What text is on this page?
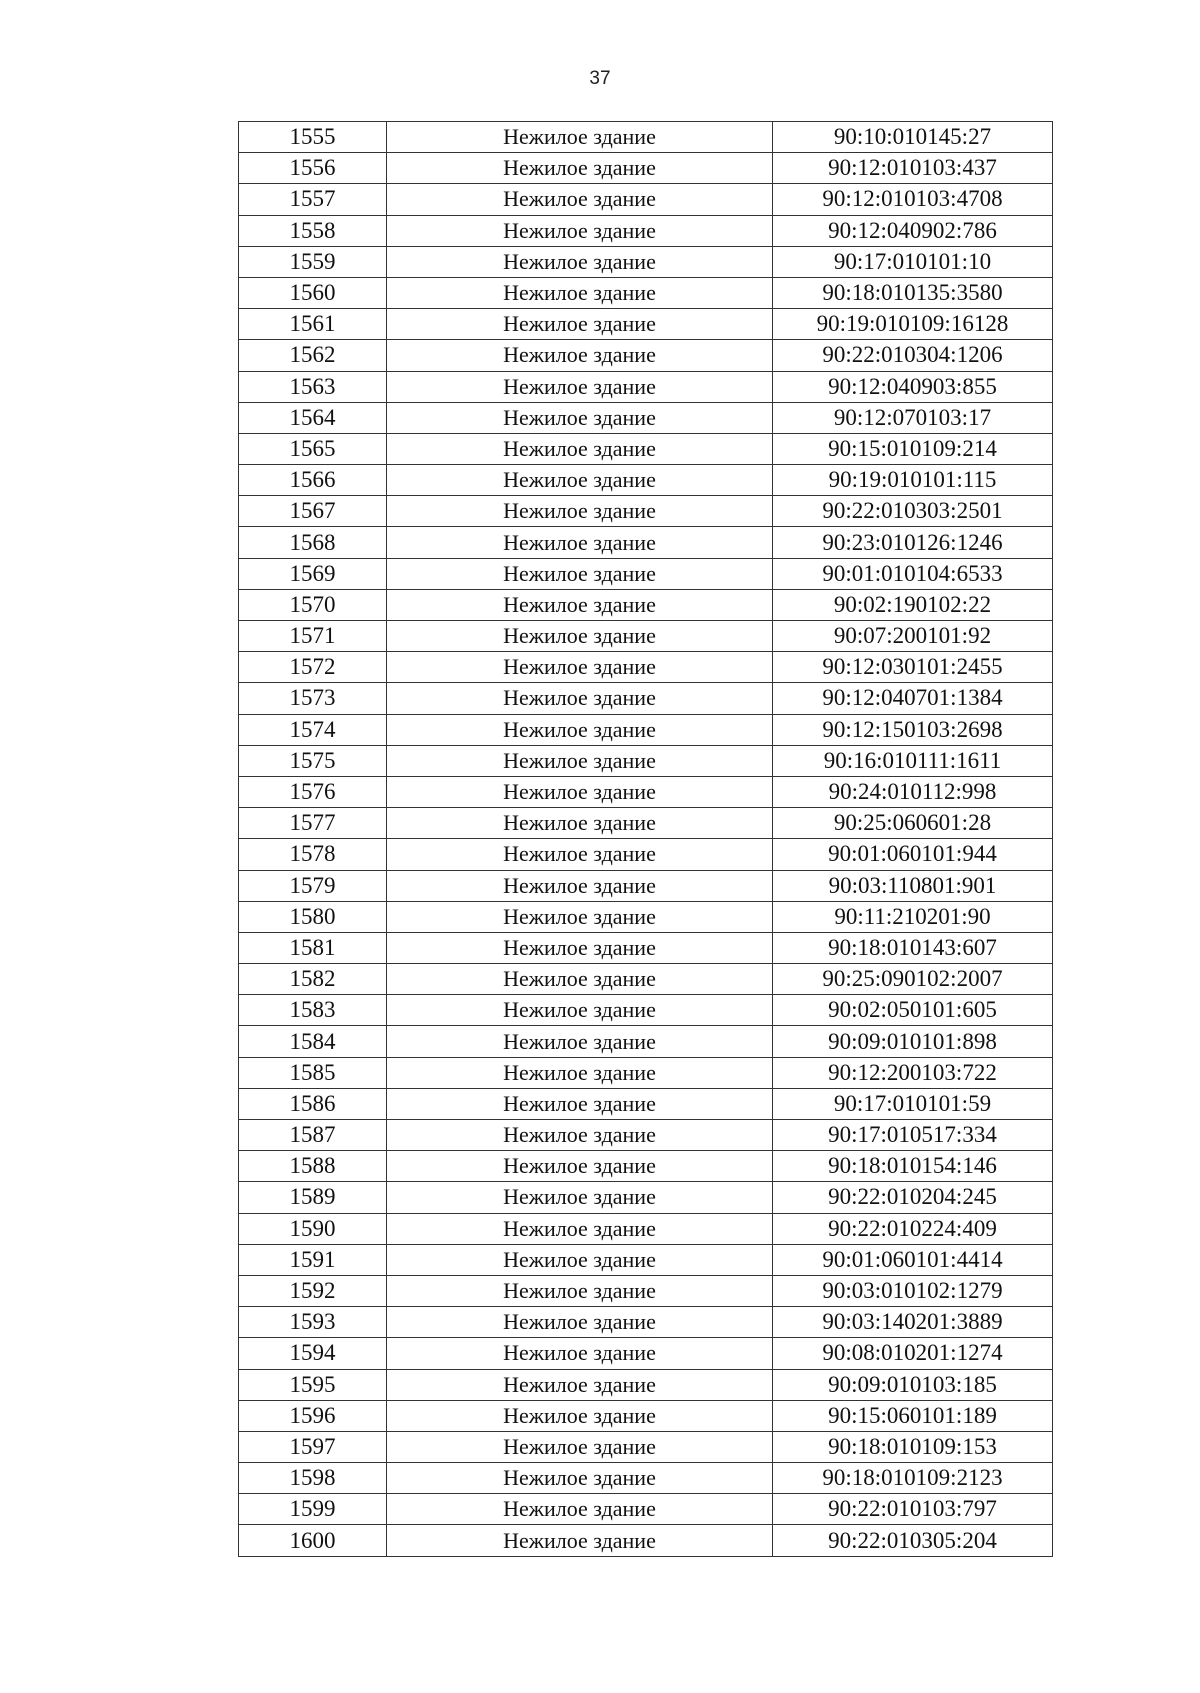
37
1555	Нежилое здание	90:10:010145:27
1556	Нежилое здание	90:12:010103:437
1557	Нежилое здание	90:12:010103:4708
1558	Нежилое здание	90:12:040902:786
1559	Нежилое здание	90:17:010101:10
1560	Нежилое здание	90:18:010135:3580
1561	Нежилое здание	90:19:010109:16128
1562	Нежилое здание	90:22:010304:1206
1563	Нежилое здание	90:12:040903:855
1564	Нежилое здание	90:12:070103:17
1565	Нежилое здание	90:15:010109:214
1566	Нежилое здание	90:19:010101:115
1567	Нежилое здание	90:22:010303:2501
1568	Нежилое здание	90:23:010126:1246
1569	Нежилое здание	90:01:010104:6533
1570	Нежилое здание	90:02:190102:22
1571	Нежилое здание	90:07:200101:92
1572	Нежилое здание	90:12:030101:2455
1573	Нежилое здание	90:12:040701:1384
1574	Нежилое здание	90:12:150103:2698
1575	Нежилое здание	90:16:010111:1611
1576	Нежилое здание	90:24:010112:998
1577	Нежилое здание	90:25:060601:28
1578	Нежилое здание	90:01:060101:944
1579	Нежилое здание	90:03:110801:901
1580	Нежилое здание	90:11:210201:90
1581	Нежилое здание	90:18:010143:607
1582	Нежилое здание	90:25:090102:2007
1583	Нежилое здание	90:02:050101:605
1584	Нежилое здание	90:09:010101:898
1585	Нежилое здание	90:12:200103:722
1586	Нежилое здание	90:17:010101:59
1587	Нежилое здание	90:17:010517:334
1588	Нежилое здание	90:18:010154:146
1589	Нежилое здание	90:22:010204:245
1590	Нежилое здание	90:22:010224:409
1591	Нежилое здание	90:01:060101:4414
1592	Нежилое здание	90:03:010102:1279
1593	Нежилое здание	90:03:140201:3889
1594	Нежилое здание	90:08:010201:1274
1595	Нежилое здание	90:09:010103:185
1596	Нежилое здание	90:15:060101:189
1597	Нежилое здание	90:18:010109:153
1598	Нежилое здание	90:18:010109:2123
1599	Нежилое здание	90:22:010103:797
1600	Нежилое здание	90:22:010305:204
